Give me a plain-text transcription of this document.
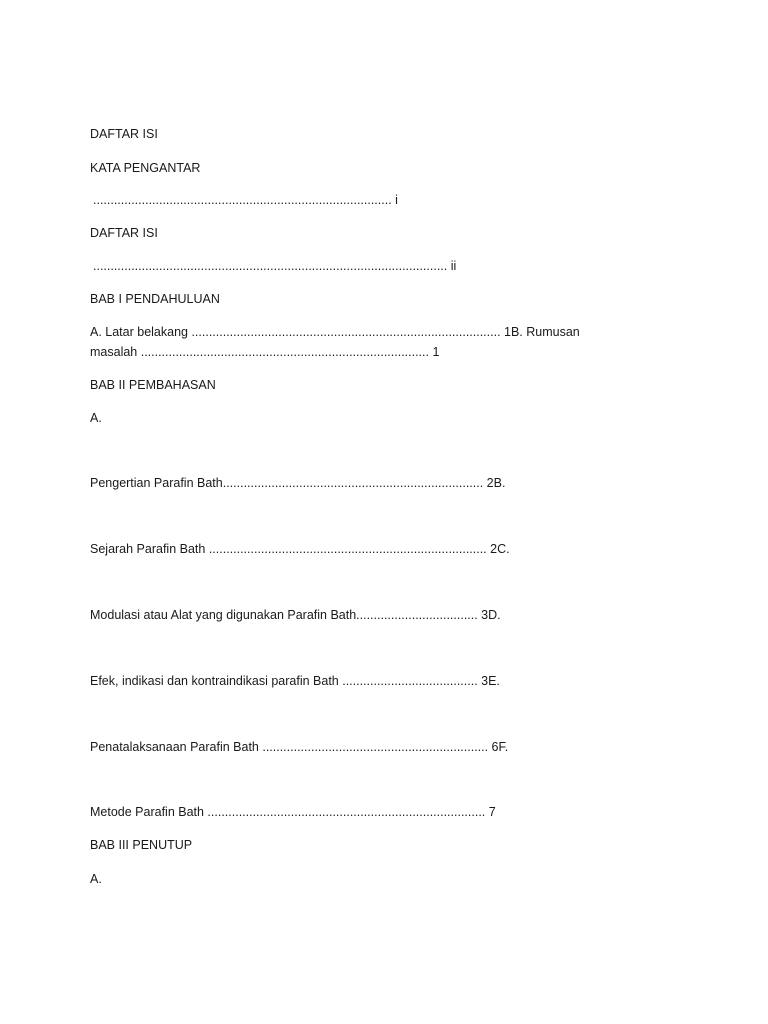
DAFTAR ISI
KATA PENGANTAR
...................................................................................... i
DAFTAR ISI
...................................................................................................... ii
BAB I PENDAHULUAN
A. Latar belakang ......................................................................................... 1B. Rumusan
masalah ................................................................................... 1
BAB II PEMBAHASAN
A.
Pengertian Parafin Bath........................................................................... 2B.
Sejarah Parafin Bath ................................................................................ 2C.
Modulasi atau Alat yang digunakan Parafin Bath................................... 3D.
Efek, indikasi dan kontraindikasi parafin Bath ....................................... 3E.
Penatalaksanaan Parafin Bath ................................................................. 6F.
Metode Parafin Bath ................................................................................ 7
BAB III PENUTUP
A.
